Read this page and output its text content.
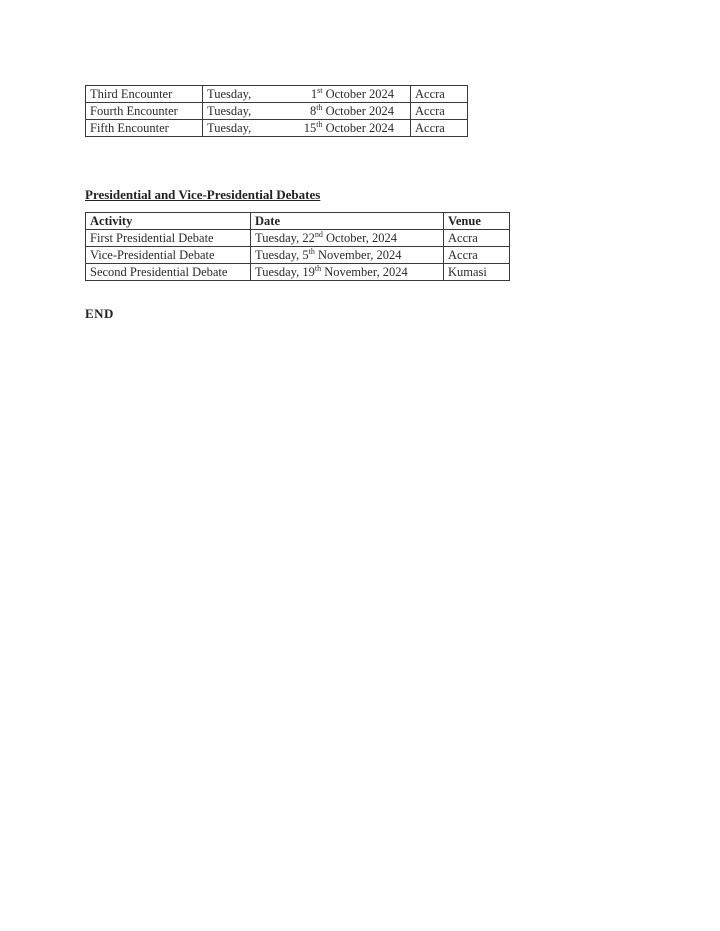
Third Encounter	Tuesday, 1st October 2024	Accra
Fourth Encounter	Tuesday, 8th October 2024	Accra
Fifth Encounter	Tuesday, 15th October 2024	Accra
Presidential and Vice-Presidential Debates
Activity	Date	Venue
First Presidential Debate	Tuesday, 22nd October, 2024	Accra
Vice-Presidential Debate	Tuesday, 5th November, 2024	Accra
Second Presidential Debate	Tuesday, 19th November, 2024	Kumasi
END
